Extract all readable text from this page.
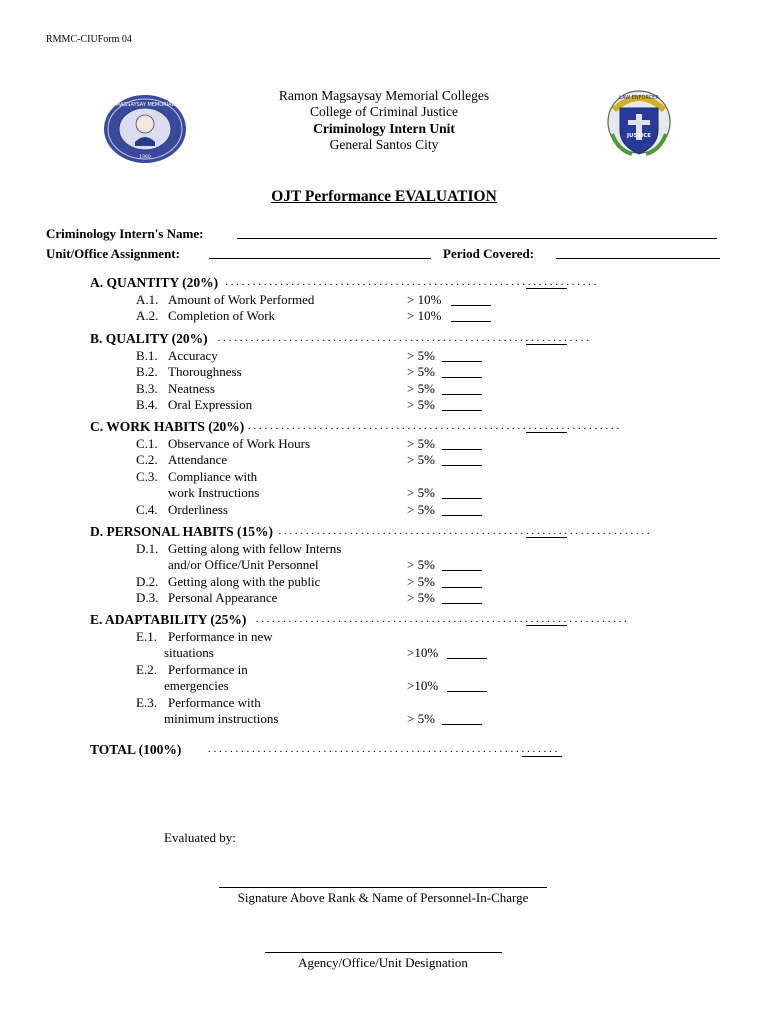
RMMC-CIUForm 04
MAGSAYSAY MEMORIAL
1960
LAW ENFORCER
JUSTICE
Ramon Magsaysay Memorial Colleges
College of Criminal Justice
Criminology Intern Unit
General Santos City
OJT Performance EVALUATION
Criminology Intern's Name:
Unit/Office Assignment:	Period Covered:
A. QUANTITY (20%) . . . . . . . . . . . . . . . . . . . . . . . . . . . . . . . . . . . . . . . . . . . . . . . . . . . . . . . . . . . . . . . . . . . .
A.1. Amount of Work Performed	> 10%
A.2. Completion of Work	> 10%
B. QUALITY (20%) . . . . . . . . . . . . . . . . . . . . . . . . . . . . . . . . . . . . . . . . . . . . . . . . . . . . . . . . . . . . . . . . . . . .
B.1. Accuracy	> 5%
B.2. Thoroughness	> 5%
B.3. Neatness	> 5%
B.4. Oral Expression	> 5%
C. WORK HABITS (20%) . . . . . . . . . . . . . . . . . . . . . . . . . . . . . . . . . . . . . . . . . . . . . . . . . . . . . . . . . . . . . . . . . . . .
C.1. Observance of Work Hours	> 5%
C.2. Attendance	> 5%
C.3. Compliance with
work Instructions	> 5%
C.4. Orderliness	> 5%
D. PERSONAL HABITS (15%) . . . . . . . . . . . . . . . . . . . . . . . . . . . . . . . . . . . . . . . . . . . . . . . . . . . . . . . . . . . . . . . . . . . .
D.1. Getting along with fellow Interns
and/or Office/Unit Personnel	> 5%
D.2. Getting along with the public	> 5%
D.3. Personal Appearance	> 5%
E. ADAPTABILITY (25%) . . . . . . . . . . . . . . . . . . . . . . . . . . . . . . . . . . . . . . . . . . . . . . . . . . . . . . . . . . . . . . . . . . . .
E.1. Performance in new
situations	>10%
E.2. Performance in
emergencies	>10%
E.3. Performance with
minimum instructions	> 5%
TOTAL (100%) . . . . . . . . . . . . . . . . . . . . . . . . . . . . . . . . . . . . . . . . . . . . . . . . . . . . . . . . . . . . . . . .
Evaluated by:
Signature Above Rank & Name of Personnel-In-Charge
Agency/Office/Unit Designation
